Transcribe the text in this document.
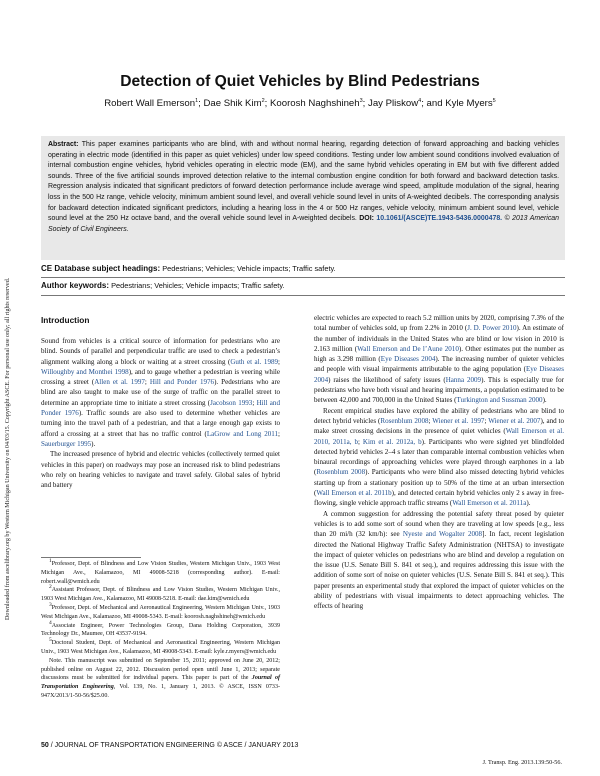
Downloaded from ascelibrary.org by Western Michigan University on 04/03/15. Copyright ASCE. For personal use only; all rights reserved.
Detection of Quiet Vehicles by Blind Pedestrians
Robert Wall Emerson$^1$; Dae Shik Kim$^2$; Koorosh Naghshineh$^3$; Jay Pliskow$^4$; and Kyle Myers$^5$

Abstract: This paper examines participants who are blind, with and without normal hearing, regarding detection of forward approaching and backing vehicles operating in electric mode (identified in this paper as quiet vehicles) under low speed conditions. Testing under low ambient sound conditions involved evaluation of internal combustion engine vehicles, hybrid vehicles operating in electric mode (EM), and the same hybrid vehicles operating in EM but with five different added sounds. Three of the five artificial sounds improved detection relative to the internal combustion engine condition for both forward and backward detection tasks. Regression analysis indicated that significant predictors of forward detection performance include average wind speed, amplitude modulation of the signal, hearing loss in the 500 Hz range, vehicle velocity, minimum ambient sound level, and overall vehicle sound level in units of A-weighted decibels. The corresponding analysis for backward detection indicated significant predictors, including a hearing loss in the 4 or 500 Hz ranges, vehicle velocity, minimum ambient sound level, vehicle sound level at the 250 Hz octave band, and the overall vehicle sound level in A-weighted decibels. DOI: 10.1061/(ASCE)TE.1943-5436.0000478. © 2013 American Society of Civil Engineers.

CE Database subject headings: Pedestrians; Vehicles; Vehicle impacts; Traffic safety.
Author keywords: Pedestrians; Vehicles; Vehicle impacts; Traffic safety.
Introduction

Sound from vehicles is a critical source of information for pedestrians who are blind. Sounds of parallel and perpendicular traffic are used to check a pedestrian’s alignment walking along a block or waiting at a street crossing (Guth et al. 1989; Willoughby and Monthei 1998), and to gauge whether a pedestrian is veering while crossing a street (Allen et al. 1997; Hill and Ponder 1976). Pedestrians who are blind are also taught to make use of the surge of traffic on the parallel street to determine an appropriate time to initiate a street crossing (Jacobson 1993; Hill and Ponder 1976). Traffic sounds are also used to determine whether vehicles are turning into the travel path of a pedestrian, and that a large enough gap exists to afford a crossing at a street that has no traffic control (LaGrow and Long 2011; Sauerburger 1995).

The increased presence of hybrid and electric vehicles (collectively termed quiet vehicles in this paper) on roadways may pose an increased risk to blind pedestrians who rely on hearing vehicles to navigate and travel safely. Global sales of hybrid and battery

$^1$Professor, Dept. of Blindness and Low Vision Studies, Western Michigan Univ., 1903 West Michigan Ave., Kalamazoo, MI 49008-5218 (corresponding author). E-mail: robert.wall@wmich.edu

$^2$Assistant Professor, Dept. of Blindness and Low Vision Studies, Western Michigan Univ., 1903 West Michigan Ave., Kalamazoo, MI 49008-5218. E-mail: dae.kim@wmich.edu

$^3$Professor, Dept. of Mechanical and Aeronautical Engineering, Western Michigan Univ., 1903 West Michigan Ave., Kalamazoo, MI 49008-5343. E-mail: koorosh.naghshineh@wmich.edu

$^4$Associate Engineer, Power Technologies Group, Dana Holding Corporation, 3939 Technology Dr., Maumee, OH 43537-9194.

$^5$Doctoral Student, Dept. of Mechanical and Aeronautical Engineering, Western Michigan Univ., 1903 West Michigan Ave., Kalamazoo, MI 49008-5343. E-mail: kyle.r.myers@wmich.edu

Note. This manuscript was submitted on September 15, 2011; approved on June 20, 2012; published online on August 22, 2012. Discussion period open until June 1, 2013; separate discussions must be submitted for individual papers. This paper is part of the Journal of Transportation Engineering, Vol. 139, No. 1, January 1, 2013. © ASCE, ISSN 0733-947X/2013/1-50-56/$25.00.

electric vehicles are expected to reach 5.2 million units by 2020, comprising 7.3% of the total number of vehicles sold, up from 2.2% in 2010 (J. D. Power 2010). An estimate of the number of individuals in the United States who are blind or low vision in 2010 is 2.163 million (Wall Emerson and De l’Aune 2010). Other estimates put the number as high as 3.298 million (Eye Diseases 2004). The increasing number of quieter vehicles and people with visual impairments attributable to the aging population (Eye Diseases 2004) raises the likelihood of safety issues (Hanna 2009). This is especially true for pedestrians who have both visual and hearing impairments, a population estimated to be between 42,000 and 700,000 in the United States (Turkington and Sussman 2000).

Recent empirical studies have explored the ability of pedestrians who are blind to detect hybrid vehicles (Rosenblum 2008; Wiener et al. 1997; Wiener et al. 2007), and to make street crossing decisions in the presence of quiet vehicles (Wall Emerson et al. 2010, 2011a, b; Kim et al. 2012a, b). Participants who were sighted yet blindfolded detected hybrid vehicles 2–4 s later than comparable internal combustion vehicles when binaural recordings of approaching vehicles were played through earphones in a lab (Rosenblum 2008). Participants who were blind also missed detecting hybrid vehicles starting up from a stationary position up to 50% of the time at an urban intersection (Wall Emerson et al. 2011b), and detected certain hybrid vehicles only 2 s away in free-flowing, single vehicle approach traffic streams (Wall Emerson et al. 2011a).

A common suggestion for addressing the potential safety threat posed by quieter vehicles is to add some sort of sound when they are traveling at low speeds [e.g., less than 20 mi/h (32 km/h): see Nyeste and Wogalter 2008]. In fact, recent legislation directed the National Highway Traffic Safety Administration (NHTSA) to investigate the impact of quieter vehicles on pedestrians who are blind and develop a regulation on the issue (U.S. Senate Bill S. 841 et seq.), and requires addressing this issue with the addition of some sort of noise on quieter vehicles (U.S. Senate Bill S. 841 et seq.). This paper presents an experimental study that explored the impact of quieter vehicles on the ability of pedestrians with visual impairments to detect approaching vehicles. The effects of hearing

50 / JOURNAL OF TRANSPORTATION ENGINEERING © ASCE / JANUARY 2013
J. Transp. Eng. 2013.139:50-56.
